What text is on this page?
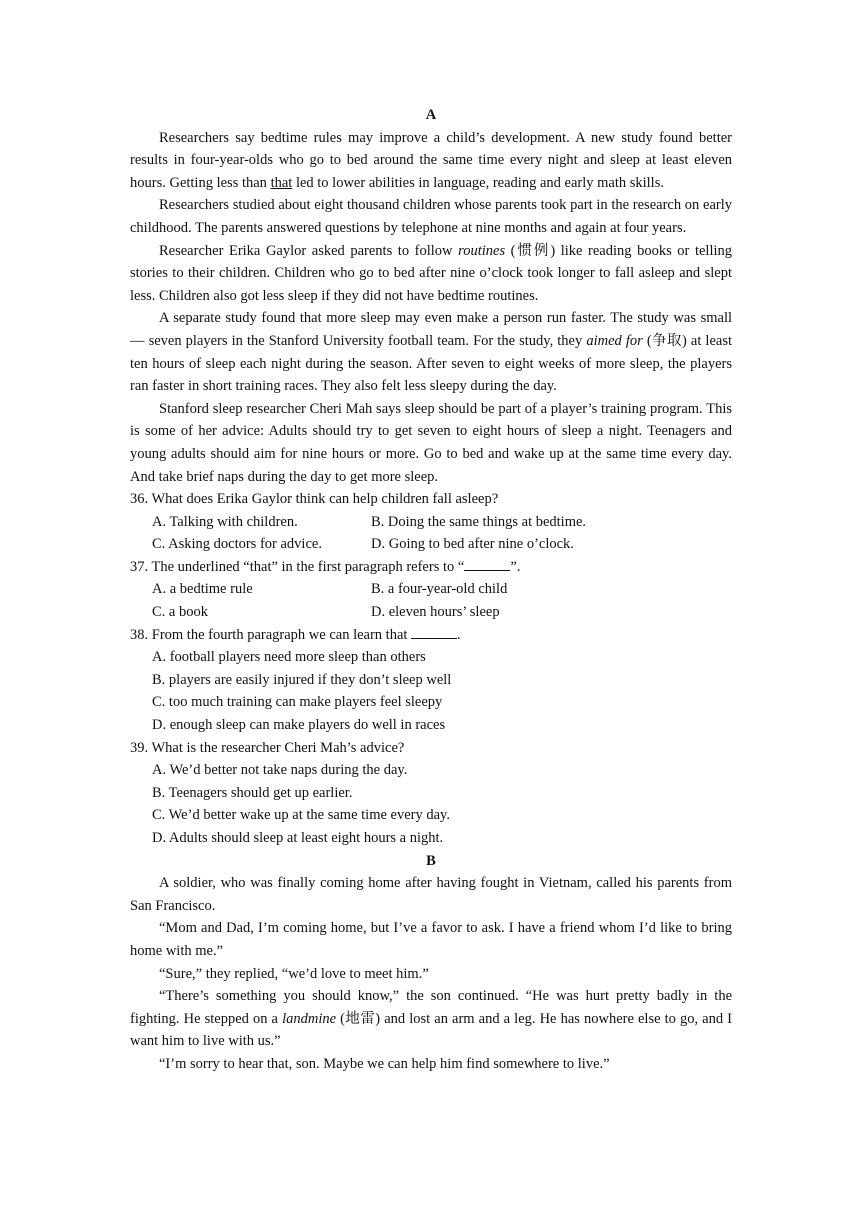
A
Researchers say bedtime rules may improve a child’s development. A new study found better results in four-year-olds who go to bed around the same time every night and sleep at least eleven hours. Getting less than that led to lower abilities in language, reading and early math skills.
Researchers studied about eight thousand children whose parents took part in the research on early childhood. The parents answered questions by telephone at nine months and again at four years.
Researcher Erika Gaylor asked parents to follow routines (惯例) like reading books or telling stories to their children. Children who go to bed after nine o’clock took longer to fall asleep and slept less. Children also got less sleep if they did not have bedtime routines.
A separate study found that more sleep may even make a person run faster. The study was small — seven players in the Stanford University football team. For the study, they aimed for (争取) at least ten hours of sleep each night during the season. After seven to eight weeks of more sleep, the players ran faster in short training races. They also felt less sleepy during the day.
Stanford sleep researcher Cheri Mah says sleep should be part of a player’s training program. This is some of her advice: Adults should try to get seven to eight hours of sleep a night. Teenagers and young adults should aim for nine hours or more. Go to bed and wake up at the same time every day. And take brief naps during the day to get more sleep.
36. What does Erika Gaylor think can help children fall asleep?
A. Talking with children.	B. Doing the same things at bedtime.
C. Asking doctors for advice.	D. Going to bed after nine o’clock.
37. The underlined “that” in the first paragraph refers to “	”.
A. a bedtime rule	B. a four-year-old child
C. a book	D. eleven hours’ sleep
38. From the fourth paragraph we can learn that	.
A. football players need more sleep than others
B. players are easily injured if they don’t sleep well
C. too much training can make players feel sleepy
D. enough sleep can make players do well in races
39. What is the researcher Cheri Mah’s advice?
A. We’d better not take naps during the day.
B. Teenagers should get up earlier.
C. We’d better wake up at the same time every day.
D. Adults should sleep at least eight hours a night.
B
A soldier, who was finally coming home after having fought in Vietnam, called his parents from San Francisco.
“Mom and Dad, I’m coming home, but I’ve a favor to ask. I have a friend whom I’d like to bring home with me.”
“Sure,” they replied, “we’d love to meet him.”
“There’s something you should know,” the son continued. “He was hurt pretty badly in the fighting. He stepped on a landmine (地雷) and lost an arm and a leg. He has nowhere else to go, and I want him to live with us.”
“I’m sorry to hear that, son. Maybe we can help him find somewhere to live.”
